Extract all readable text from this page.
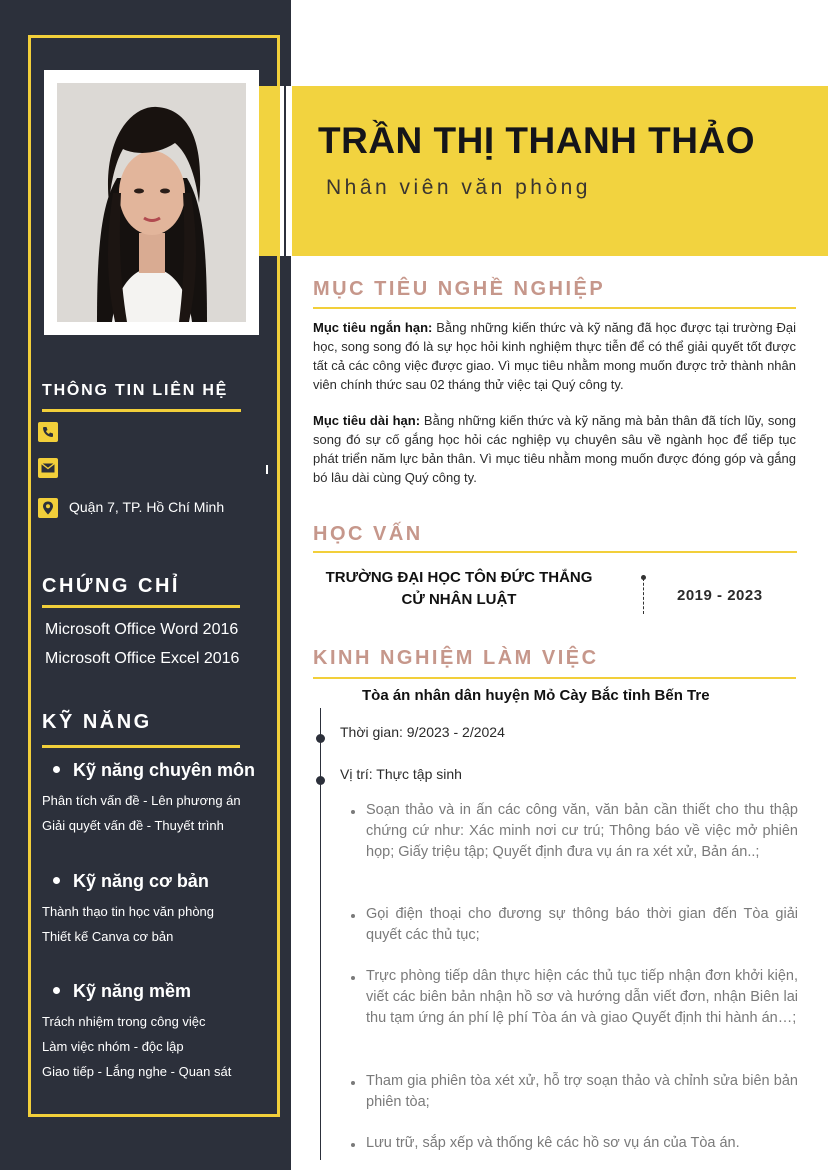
THÔNG TIN LIÊN HỆ
Quận 7, TP. Hồ Chí Minh
CHỨNG CHỈ
Microsoft Office Word 2016
Microsoft Office Excel 2016
KỸ NĂNG
Kỹ năng chuyên môn
Phân tích vấn đề - Lên phương án
Giải quyết vấn đề - Thuyết trình
Kỹ năng cơ bản
Thành thạo tin học văn phòng
Thiết kế Canva cơ bản
Kỹ năng mềm
Trách nhiệm trong công việc
Làm việc nhóm - độc lập
Giao tiếp - Lắng nghe - Quan sát
TRẦN THỊ THANH THẢO
Nhân viên văn phòng
MỤC TIÊU NGHỀ NGHIỆP
Mục tiêu ngắn hạn: Bằng những kiến thức và kỹ năng đã học được tại trường Đại học, song song đó là sự học hỏi kinh nghiệm thực tiễn để có thể giải quyết tốt được tất cả các công việc được giao. Vì mục tiêu nhằm mong muốn được trở thành nhân viên chính thức sau 02 tháng thử việc tại Quý công ty.
Mục tiêu dài hạn: Bằng những kiến thức và kỹ năng mà bản thân đã tích lũy, song song đó sự cố gắng học hỏi các nghiệp vụ chuyên sâu về ngành học để tiếp tục phát triển năm lực bản thân. Vì mục tiêu nhằm mong muốn được đóng góp và gắng bó lâu dài cùng Quý công ty.
HỌC VẤN
TRƯỜNG ĐẠI HỌC TÔN ĐỨC THẮNG
CỬ NHÂN LUẬT	2019 - 2023
KINH NGHIỆM LÀM VIỆC
Tòa án nhân dân huyện Mỏ Cày Bắc tỉnh Bến Tre
Thời gian: 9/2023 - 2/2024
Vị trí: Thực tập sinh
Soạn thảo và in ấn các công văn, văn bản cần thiết cho thu thập chứng cứ như: Xác minh nơi cư trú; Thông báo về việc mở phiên họp; Giấy triệu tập; Quyết định đưa vụ án ra xét xử, Bản án..;
Gọi điện thoại cho đương sự thông báo thời gian đến Tòa giải quyết các thủ tục;
Trực phòng tiếp dân thực hiện các thủ tục tiếp nhận đơn khởi kiện, viết các biên bản nhận hồ sơ và hướng dẫn viết đơn, nhận Biên lai thu tạm ứng án phí lệ phí Tòa án và giao Quyết định thi hành án…;
Tham gia phiên tòa xét xử, hỗ trợ soạn thảo và chỉnh sửa biên bản phiên tòa;
Lưu trữ, sắp xếp và thống kê các hồ sơ vụ án của Tòa án.
